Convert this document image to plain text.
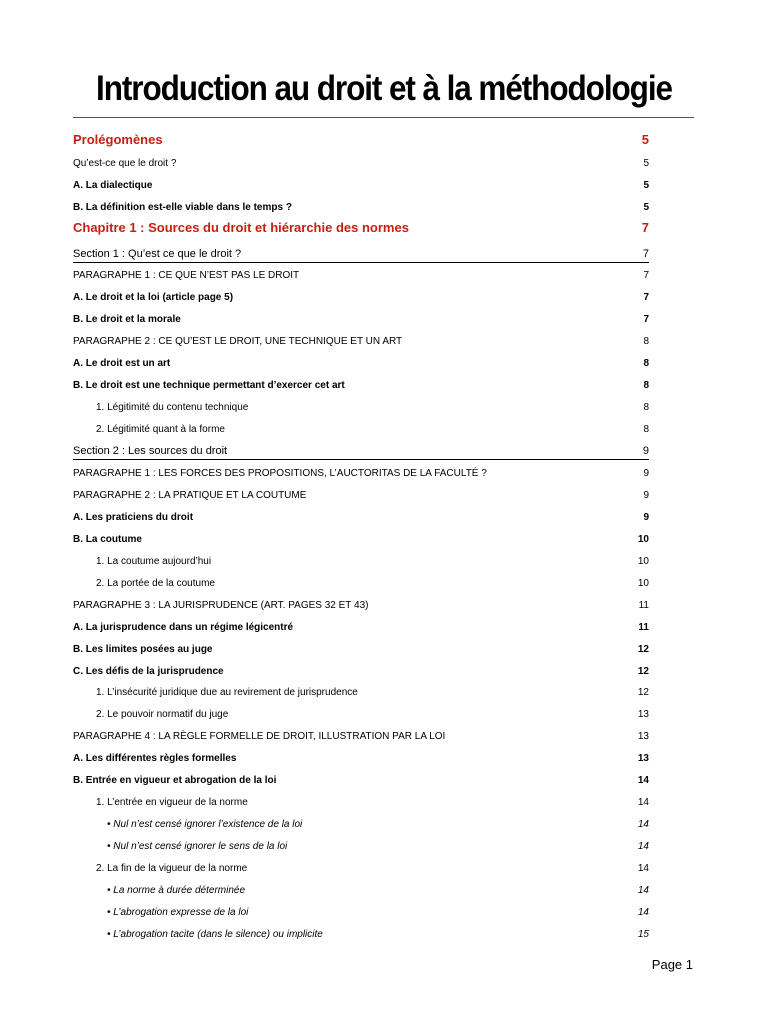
Introduction au droit et à la méthodologie
Prolégomènes	5
Qu’est-ce que le droit ?	5
A. La dialectique	5
B. La définition est-elle viable dans le temps ?	5
Chapitre 1 : Sources du droit et hiérarchie des normes	7
Section 1 : Qu’est ce que le droit ?	7
PARAGRAPHE 1 : CE QUE N’EST PAS LE DROIT	7
A. Le droit et la loi (article page 5)	7
B. Le droit et la morale	7
PARAGRAPHE 2 : CE QU’EST LE DROIT, UNE TECHNIQUE ET UN ART	8
A. Le droit est un art	8
B. Le droit est une technique permettant d’exercer cet art	8
1. Légitimité du contenu technique	8
2. Légitimité quant à la forme	8
Section 2 : Les sources du droit	9
PARAGRAPHE 1 : LES FORCES DES PROPOSITIONS, L’AUCTORITAS DE LA FACULTÉ ?	9
PARAGRAPHE 2 : LA PRATIQUE ET LA COUTUME	9
A. Les praticiens du droit	9
B. La coutume	10
1. La coutume aujourd’hui	10
2. La portée de la coutume	10
PARAGRAPHE 3 : LA JURISPRUDENCE (ART. PAGES 32 ET 43)	11
A. La jurisprudence dans un régime légicentré	11
B. Les limites posées au juge	12
C. Les défis de la jurisprudence	12
1. L’insécurité juridique due au revirement de jurisprudence	12
2. Le pouvoir normatif du juge	13
PARAGRAPHE 4 : LA RÈGLE FORMELLE DE DROIT, ILLUSTRATION PAR LA LOI	13
A. Les différentes règles formelles	13
B. Entrée en vigueur et abrogation de la loi	14
1. L’entrée en vigueur de la norme	14
• Nul n’est censé ignorer l’existence de la loi	14
• Nul n’est censé ignorer le sens de la loi	14
2. La fin de la vigueur de la norme	14
• La norme à durée déterminée	14
• L’abrogation expresse de la loi	14
• L’abrogation tacite (dans le silence) ou implicite	15
Page 1
